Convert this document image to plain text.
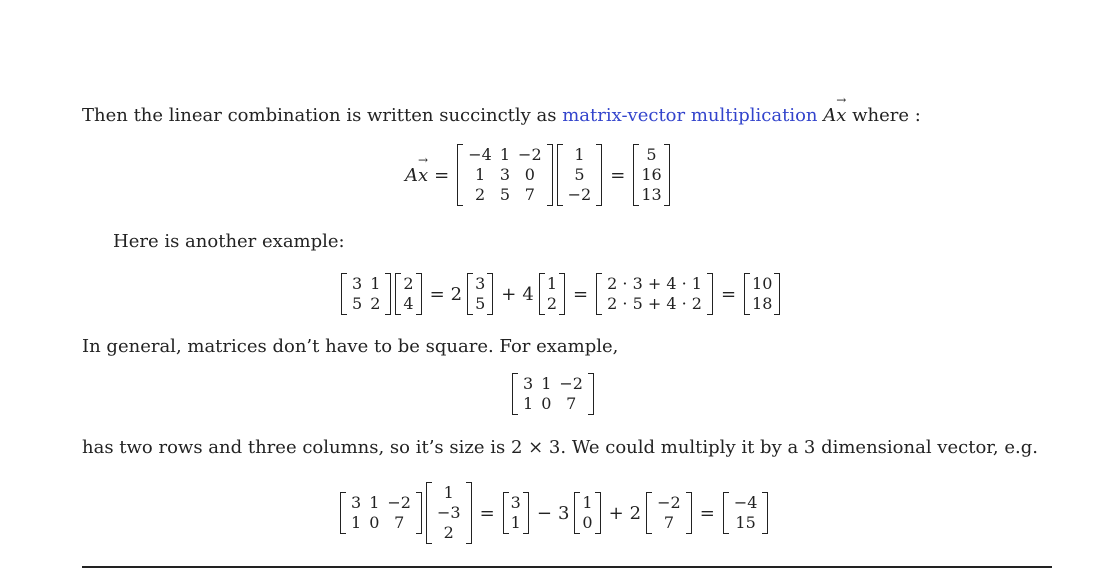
Then the linear combination is written succinctly as matrix-vector multiplication A→ x where :
A
→ x =
−4 1 −2
1 3 0
2 5 7
1
5
−2
=
5
16
13
Here is another example:
3 1
5 2
2
4 = 2 3
5 + 4 1
2 =	2 · 3 + 4 · 1
2 · 5 + 4 · 2	=	10
18
In general, matrices don’t have to be square. For example,
3 1 −2
1 0 7
has two rows and three columns, so it’s size is 2 × 3. We could multiply it by a 3 dimensional vector, e.g.
3 1 −2
1 0 7
1
−3
2
=	3
1 − 3 1
0 + 2 −2
7	=	−4
15
